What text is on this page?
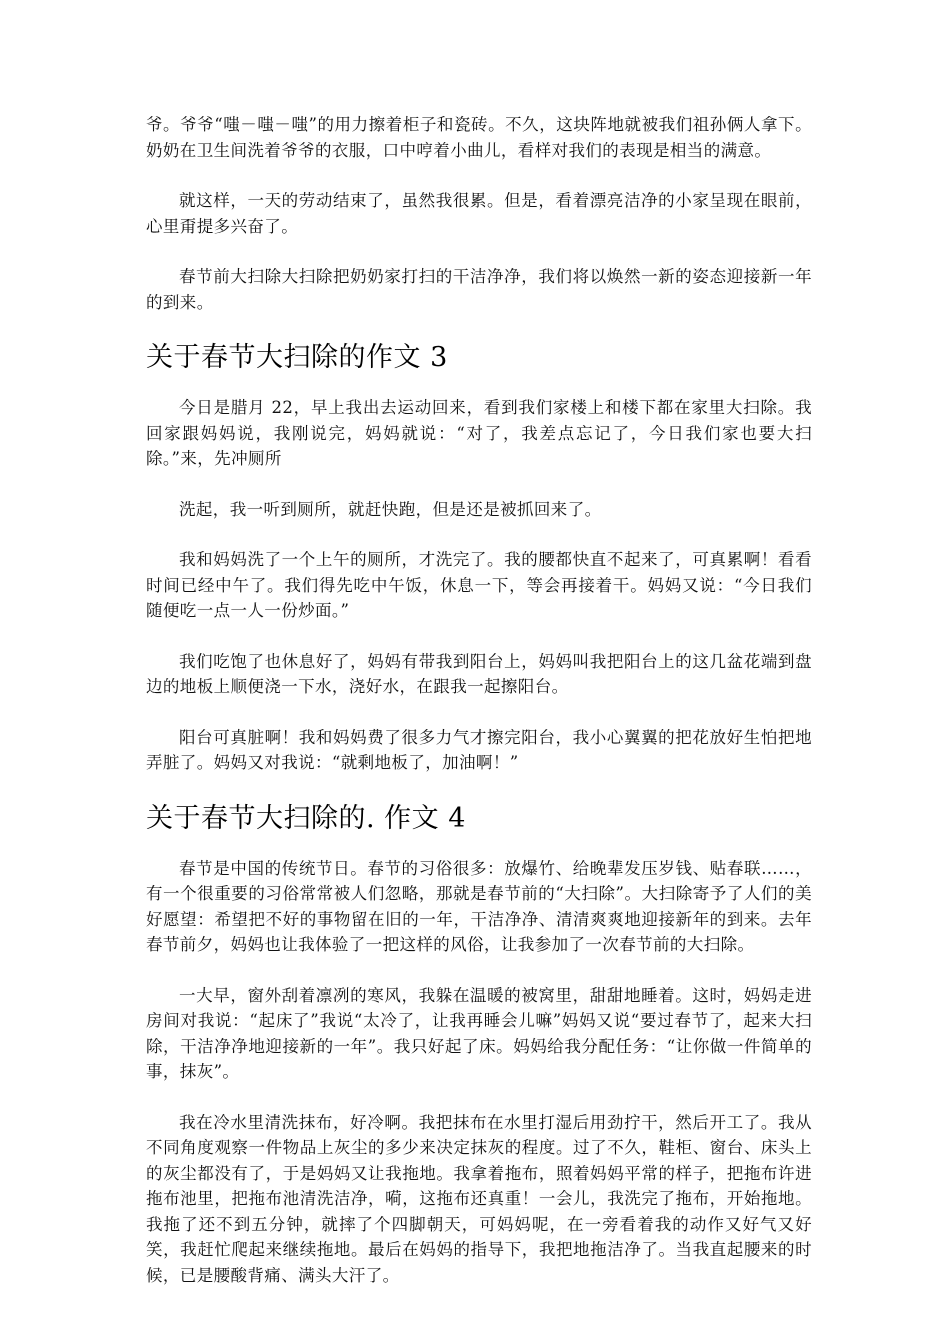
爷。爷爷“嗤－嗤－嗤”的用力擦着柜子和瓷砖。不久，这块阵地就被我们祖孙俩人拿下。奶奶在卫生间洗着爷爷的衣服，口中哼着小曲儿，看样对我们的表现是相当的满意。

就这样，一天的劳动结束了，虽然我很累。但是，看着漂亮洁净的小家呈现在眼前，心里甭提多兴奋了。

春节前大扫除大扫除把奶奶家打扫的干洁净净，我们将以焕然一新的姿态迎接新一年的到来。

关于春节大扫除的作文 3

今日是腊月 22，早上我出去运动回来，看到我们家楼上和楼下都在家里大扫除。我回家跟妈妈说，我刚说完，妈妈就说：“对了，我差点忘记了，今日我们家也要大扫除。”来，先冲厕所

洗起，我一听到厕所，就赶快跑，但是还是被抓回来了。

我和妈妈洗了一个上午的厕所，才洗完了。我的腰都快直不起来了，可真累啊！看看时间已经中午了。我们得先吃中午饭，休息一下，等会再接着干。妈妈又说：“今日我们随便吃一点一人一份炒面。”

我们吃饱了也休息好了，妈妈有带我到阳台上，妈妈叫我把阳台上的这几盆花端到盘边的地板上顺便浇一下水，浇好水，在跟我一起擦阳台。

阳台可真脏啊！我和妈妈费了很多力气才擦完阳台，我小心翼翼的把花放好生怕把地弄脏了。妈妈又对我说：“就剩地板了，加油啊！”

关于春节大扫除的. 作文 4

春节是中国的传统节日。春节的习俗很多：放爆竹、给晚辈发压岁钱、贴春联……，有一个很重要的习俗常常被人们忽略，那就是春节前的“大扫除”。大扫除寄予了人们的美好愿望：希望把不好的事物留在旧的一年，干洁净净、清清爽爽地迎接新年的到来。去年春节前夕，妈妈也让我体验了一把这样的风俗，让我参加了一次春节前的大扫除。

一大早，窗外刮着凛冽的寒风，我躲在温暖的被窝里，甜甜地睡着。这时，妈妈走进房间对我说：“起床了”我说“太冷了，让我再睡会儿嘛”妈妈又说“要过春节了，起来大扫除，干洁净净地迎接新的一年”。我只好起了床。妈妈给我分配任务：“让你做一件简单的事，抹灰”。

我在冷水里清洗抹布，好冷啊。我把抹布在水里打湿后用劲拧干，然后开工了。我从不同角度观察一件物品上灰尘的多少来决定抹灰的程度。过了不久，鞋柜、窗台、床头上的灰尘都没有了，于是妈妈又让我拖地。我拿着拖布，照着妈妈平常的样子，把拖布许进拖布池里，把拖布池清洗洁净，嗬，这拖布还真重！一会儿，我洗完了拖布，开始拖地。我拖了还不到五分钟，就摔了个四脚朝天，可妈妈呢，在一旁看着我的动作又好气又好笑，我赶忙爬起来继续拖地。最后在妈妈的指导下，我把地拖洁净了。当我直起腰来的时候，已是腰酸背痛、满头大汗了。
